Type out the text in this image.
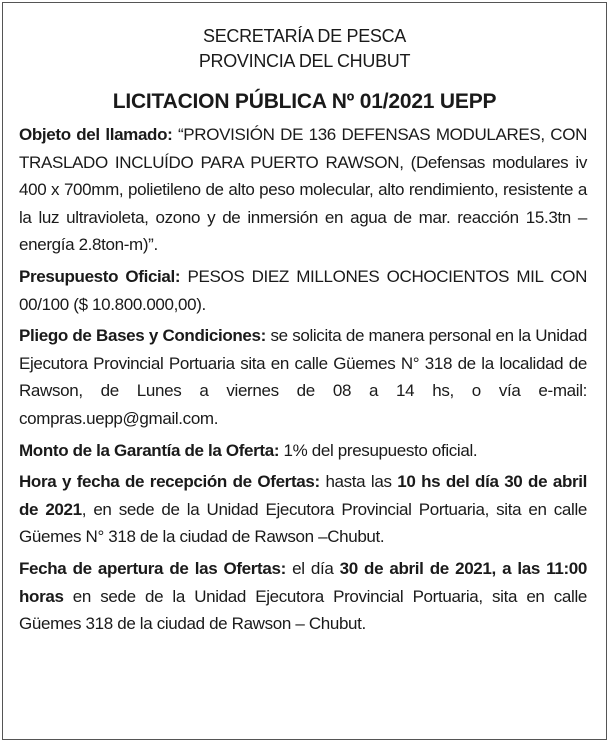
SECRETARÍA DE PESCA
PROVINCIA DEL CHUBUT
LICITACION PÚBLICA Nº 01/2021 UEPP

Objeto del llamado: “PROVISIÓN DE 136 DEFENSAS MODULARES, CON TRASLADO INCLUÍDO PARA PUERTO RAWSON, (Defensas modulares iv 400 x 700mm, polietileno de alto peso molecular, alto rendimiento, resistente a la luz ultravioleta, ozono y de inmersión en agua de mar. reacción 15.3tn – energía 2.8ton-m)”.

Presupuesto Oficial: PESOS DIEZ MILLONES OCHOCIENTOS MIL CON 00/100 ($ 10.800.000,00).

Pliego de Bases y Condiciones: se solicita de manera personal en la Unidad Ejecutora Provincial Portuaria sita en calle Güemes N° 318 de la localidad de Rawson, de Lunes a viernes de 08 a 14 hs, o vía e-mail: compras.uepp@gmail.com.

Monto de la Garantía de la Oferta: 1% del presupuesto oficial.

Hora y fecha de recepción de Ofertas: hasta las 10 hs del día 30 de abril de 2021, en sede de la Unidad Ejecutora Provincial Portuaria, sita en calle Güemes N° 318 de la ciudad de Rawson –Chubut.

Fecha de apertura de las Ofertas: el día 30 de abril de 2021, a las 11:00 horas en sede de la Unidad Ejecutora Provincial Portuaria, sita en calle Güemes 318 de la ciudad de Rawson – Chubut.
